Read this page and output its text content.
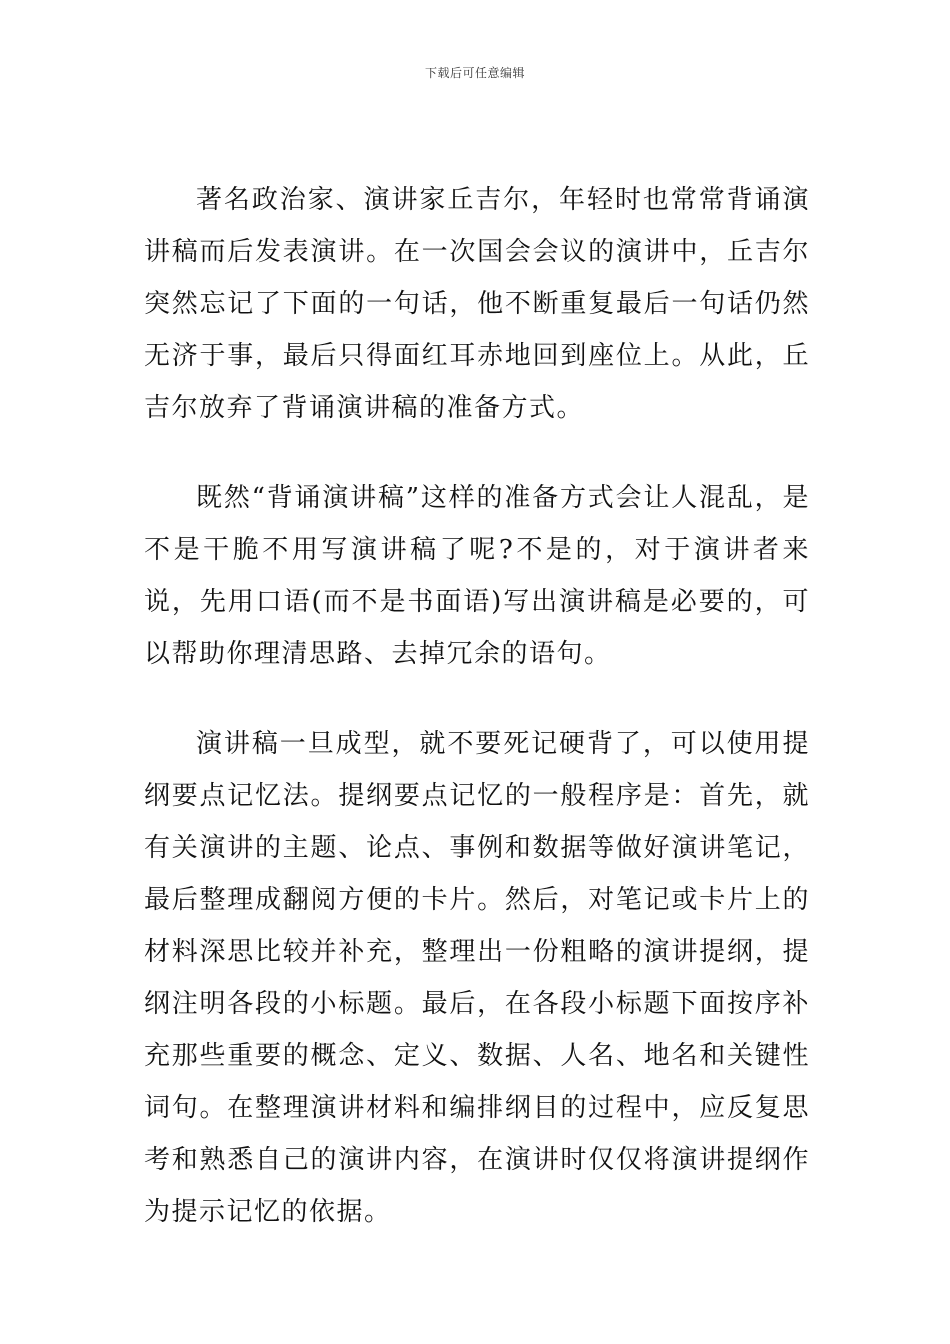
下载后可任意编辑

著名政治家、演讲家丘吉尔，年轻时也常常背诵演讲稿而后发表演讲。在一次国会会议的演讲中，丘吉尔突然忘记了下面的一句话，他不断重复最后一句话仍然无济于事，最后只得面红耳赤地回到座位上。从此，丘吉尔放弃了背诵演讲稿的准备方式。

既然“背诵演讲稿”这样的准备方式会让人混乱，是不是干脆不用写演讲稿了呢?不是的，对于演讲者来说，先用口语(而不是书面语)写出演讲稿是必要的，可以帮助你理清思路、去掉冗余的语句。

演讲稿一旦成型，就不要死记硬背了，可以使用提纲要点记忆法。提纲要点记忆的一般程序是：首先，就有关演讲的主题、论点、事例和数据等做好演讲笔记，最后整理成翻阅方便的卡片。然后，对笔记或卡片上的材料深思比较并补充，整理出一份粗略的演讲提纲，提纲注明各段的小标题。最后，在各段小标题下面按序补充那些重要的概念、定义、数据、人名、地名和关键性词句。在整理演讲材料和编排纲目的过程中，应反复思考和熟悉自己的演讲内容，在演讲时仅仅将演讲提纲作为提示记忆的依据。
